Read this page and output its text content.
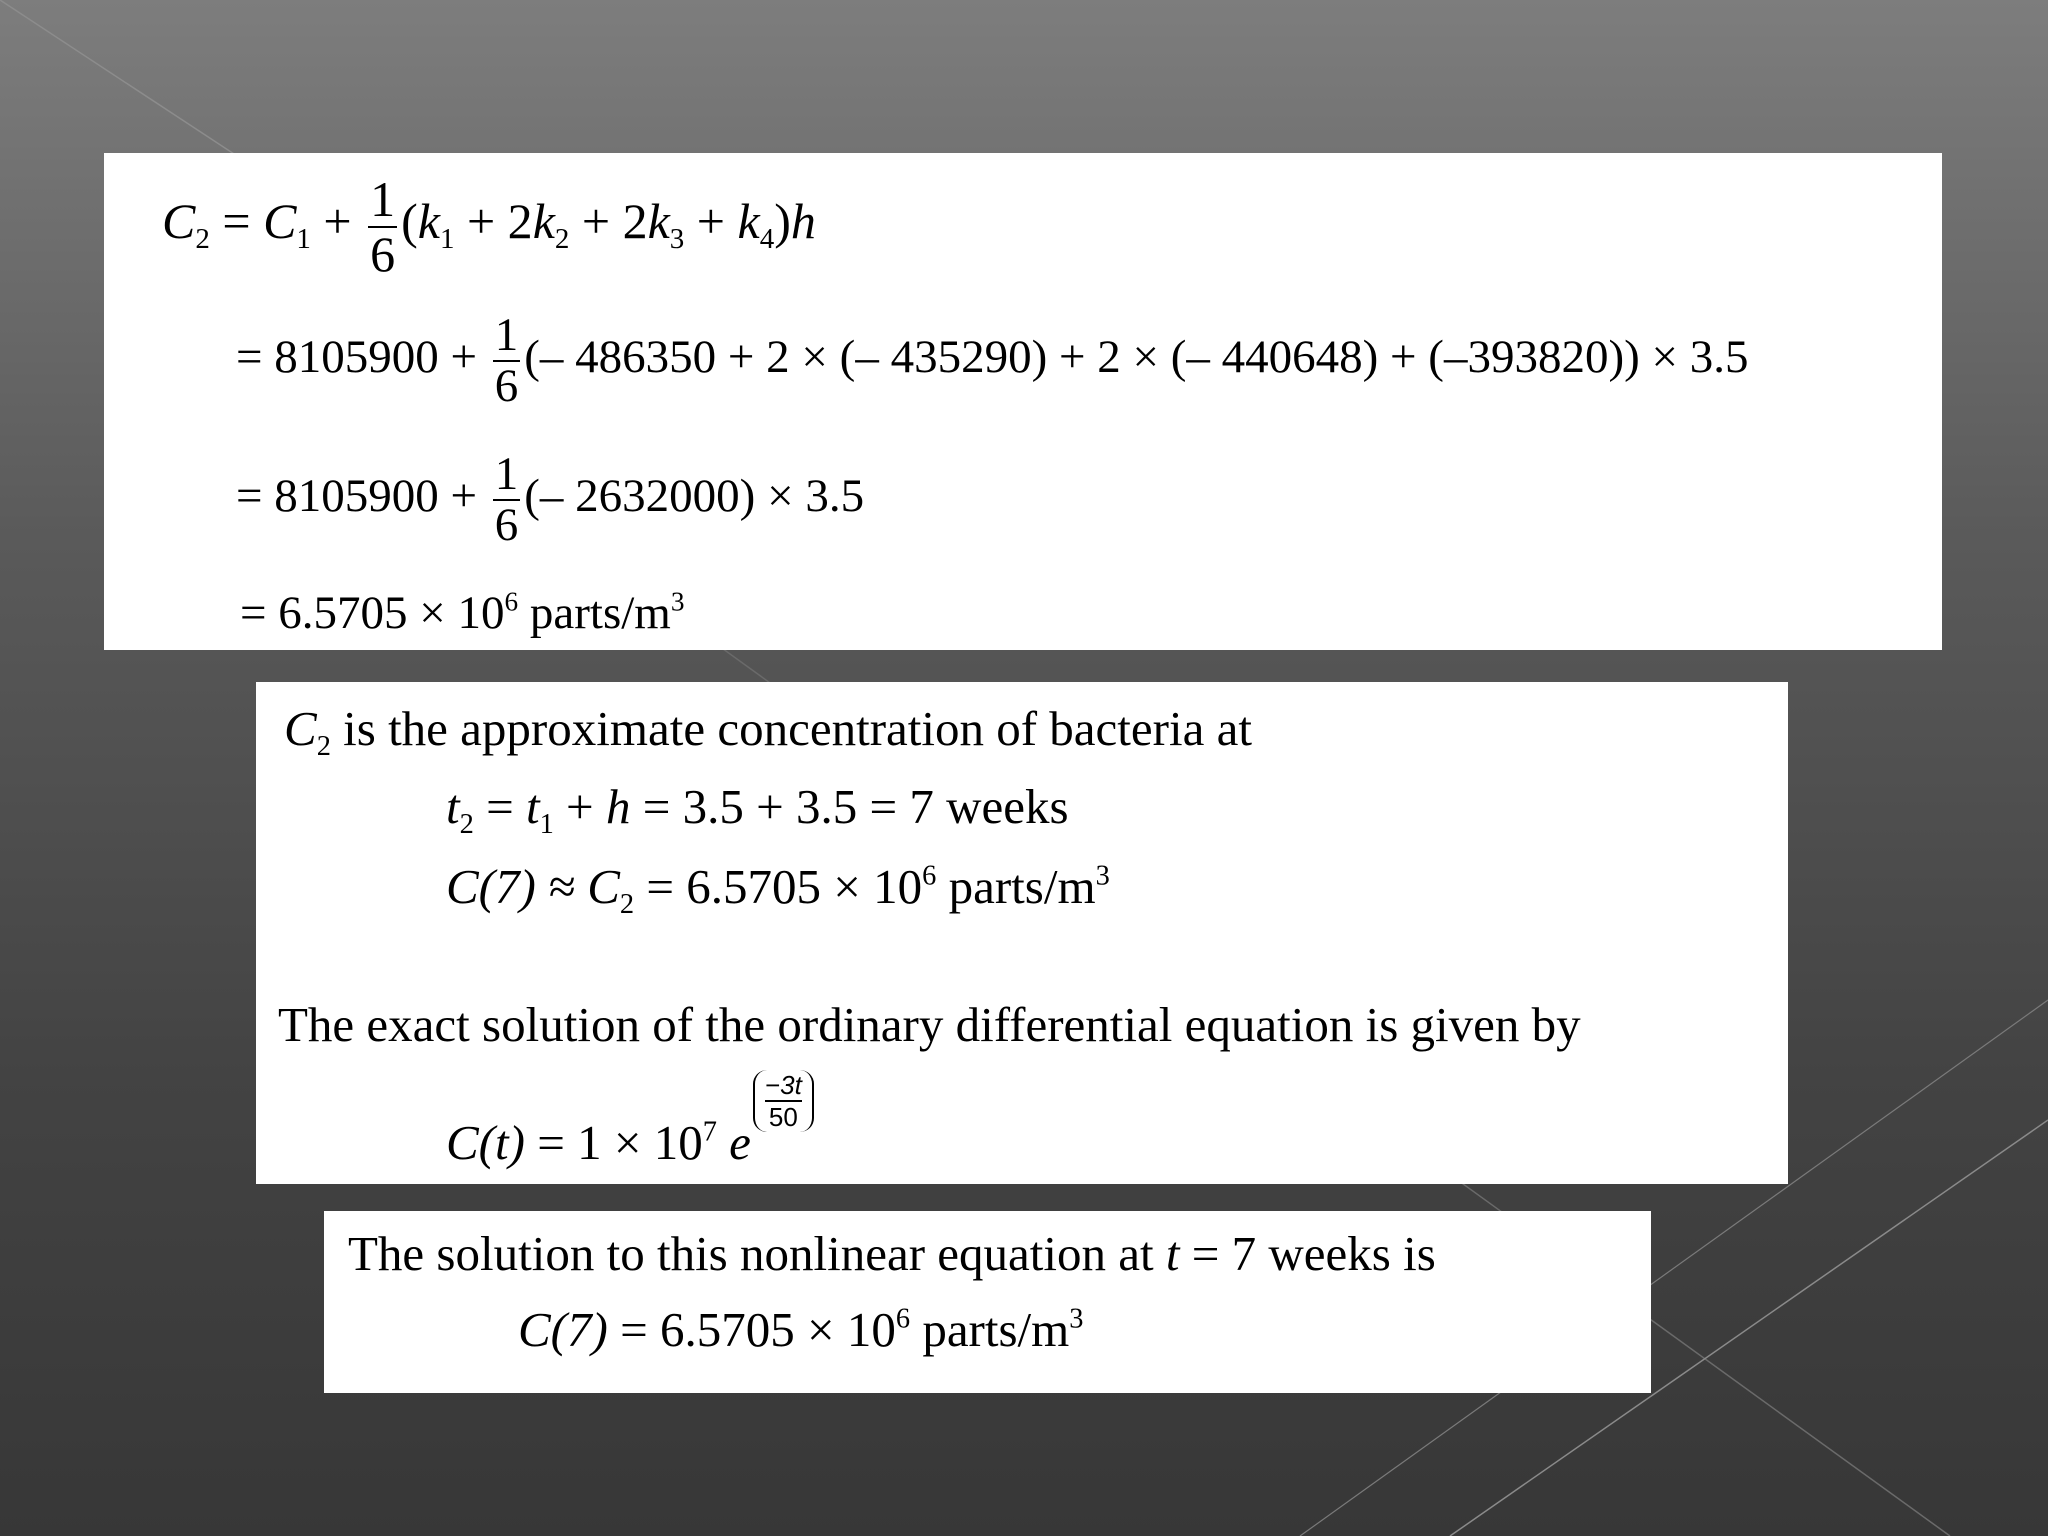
$C_2 = C_1 + \frac{1}{6} (k_1 + 2k_2 + 2k_3 + k_4)h$
= $8105900 + \frac{1}{6}$ (– 486350 + 2 × (– 435290) + 2 × (– 440648) + (–393820)) × 3.5
= $8105900 + \frac{1}{6}$ (– 2632000) × 3.5
= $6.5705 \times 10^6$ parts/$m^3$
$C_2$ is the approximate concentration of bacteria at
$t_2 = t_1 + h = 3.5 + 3.5 = 7$ weeks
$C(7) \approx C_2 = 6.5705 \times 10^6$ parts/$m^3$
The exact solution of the ordinary differential equation is given by
$C(t) = 1 \times 10^7$ e
$\frac{-3t}{50}$
The solution to this nonlinear equation at t = 7 weeks is
$C(7) = 6.5705 \times 10^6$ parts/$m^3$
